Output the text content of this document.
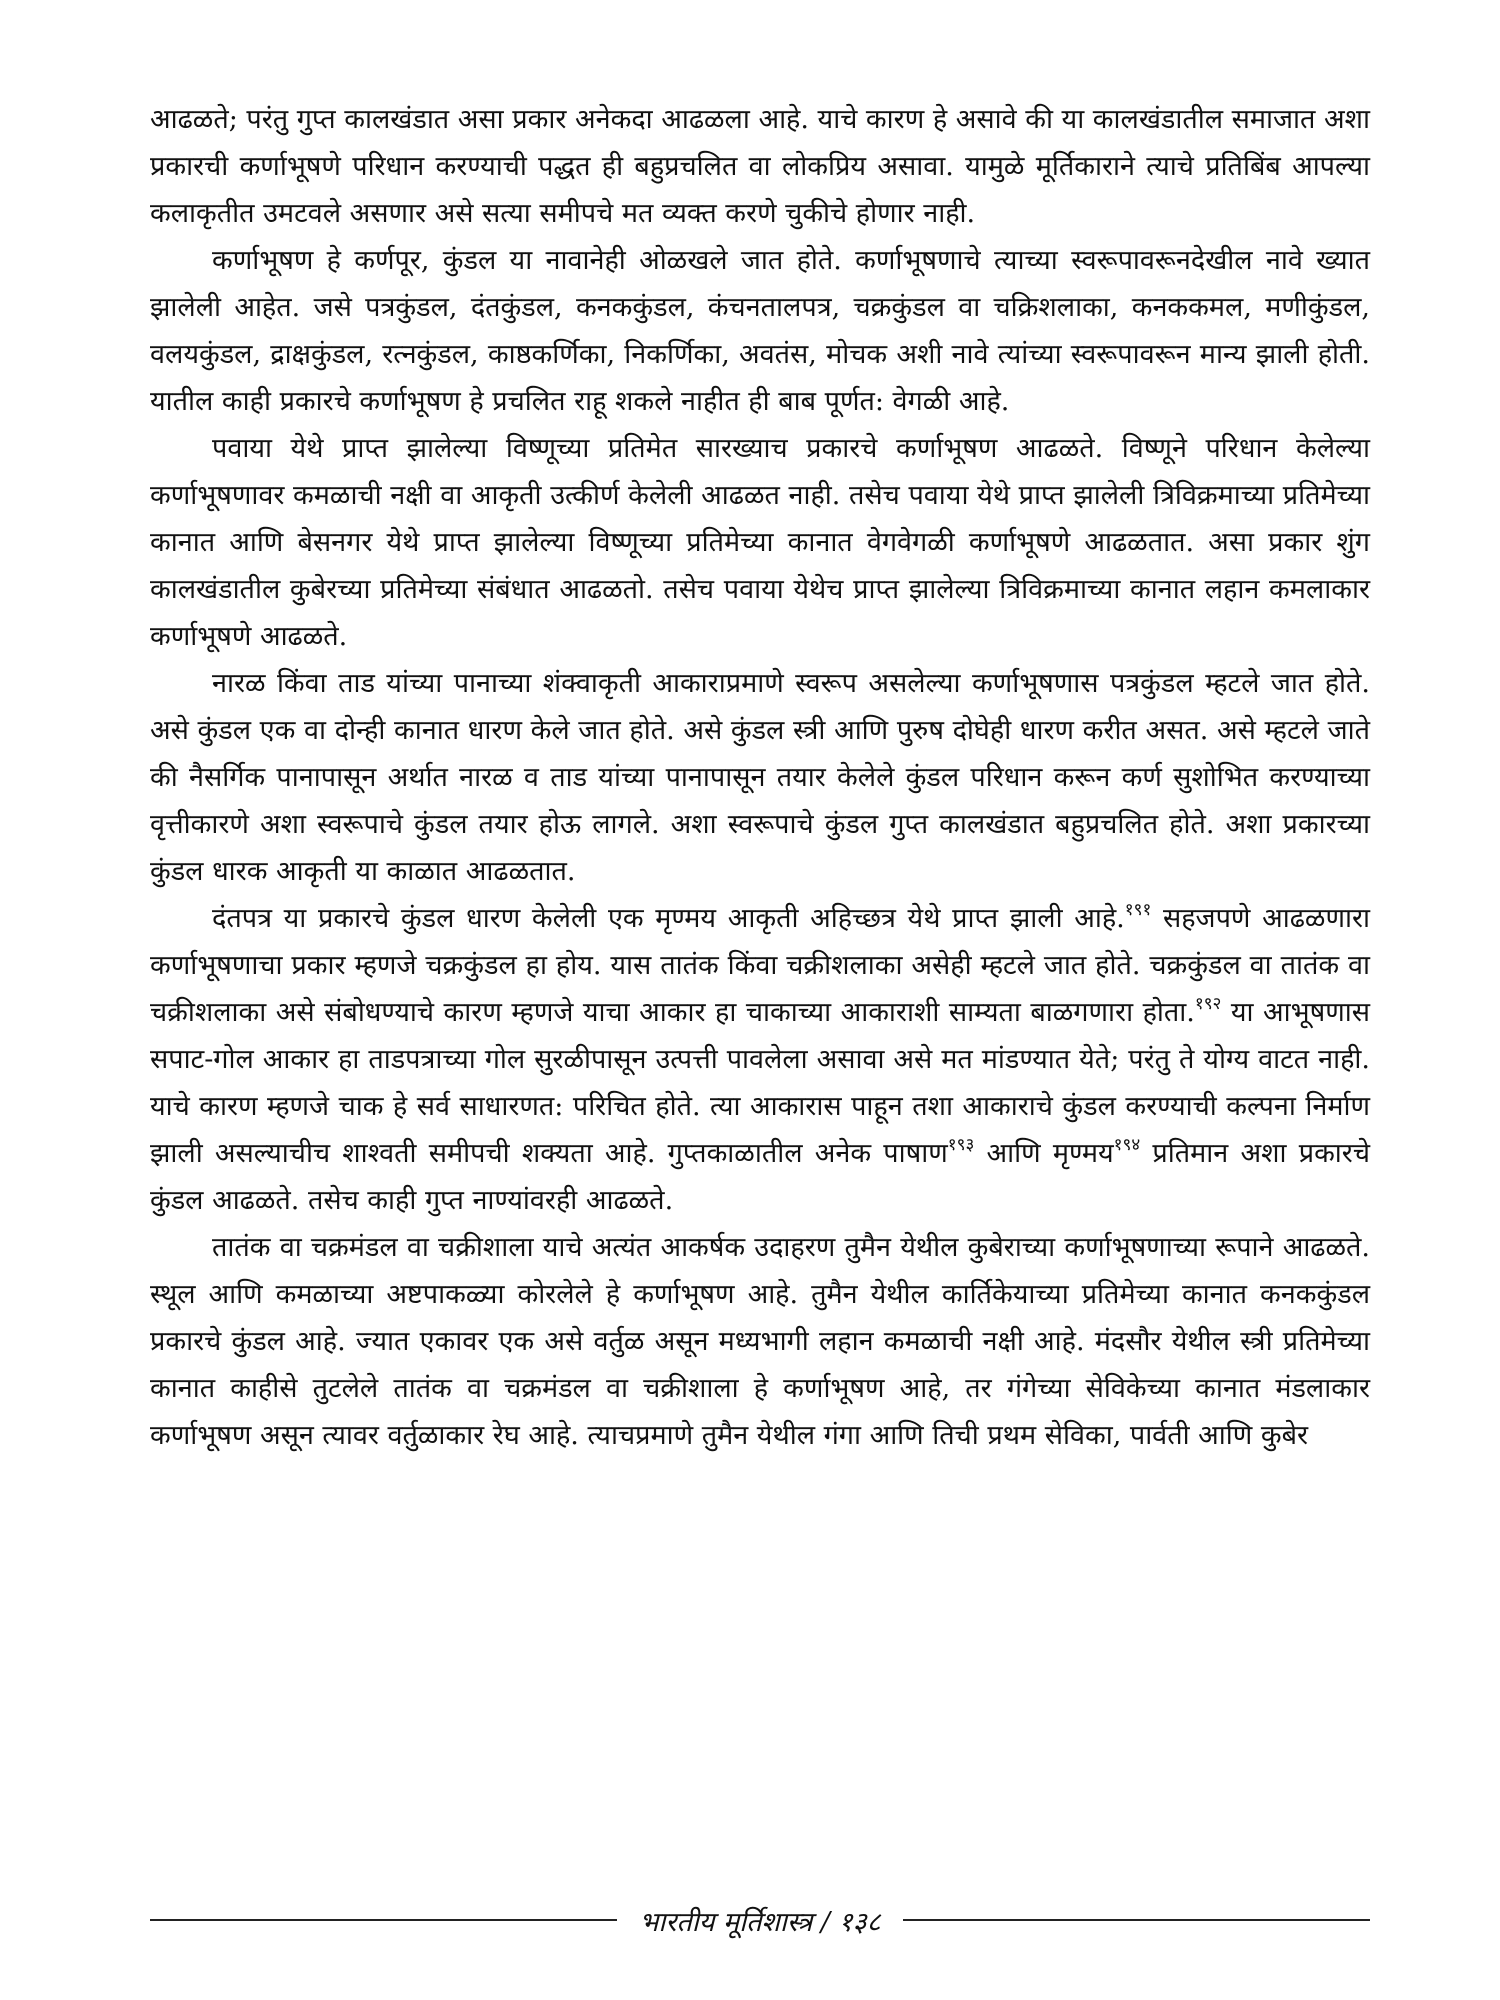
आढळते; परंतु गुप्त कालखंडात असा प्रकार अनेकदा आढळला आहे. याचे कारण हे असावे की या कालखंडातील समाजात अशा प्रकारची कर्णाभूषणे परिधान करण्याची पद्धत ही बहुप्रचलित वा लोकप्रिय असावा. यामुळे मूर्तिकाराने त्याचे प्रतिबिंब आपल्या कलाकृतीत उमटवले असणार असे सत्या समीपचे मत व्यक्त करणे चुकीचे होणार नाही.

कर्णाभूषण हे कर्णपूर, कुंडल या नावानेही ओळखले जात होते. कर्णाभूषणाचे त्याच्या स्वरूपावरूनदेखील नावे ख्यात झालेली आहेत. जसे पत्रकुंडल, दंतकुंडल, कनककुंडल, कंचनतालपत्र, चक्रकुंडल वा चक्रिशलाका, कनककमल, मणीकुंडल, वलयकुंडल, द्राक्षकुंडल, रत्नकुंडल, काष्ठकर्णिका, निकर्णिका, अवतंस, मोचक अशी नावे त्यांच्या स्वरूपावरून मान्य झाली होती. यातील काही प्रकारचे कर्णाभूषण हे प्रचलित राहू शकले नाहीत ही बाब पूर्णत: वेगळी आहे.

पवाया येथे प्राप्त झालेल्या विष्णूच्या प्रतिमेत सारख्याच प्रकारचे कर्णाभूषण आढळते. विष्णूने परिधान केलेल्या कर्णाभूषणावर कमळाची नक्षी वा आकृती उत्कीर्ण केलेली आढळत नाही. तसेच पवाया येथे प्राप्त झालेली त्रिविक्रमाच्या प्रतिमेच्या कानात आणि बेसनगर येथे प्राप्त झालेल्या विष्णूच्या प्रतिमेच्या कानात वेगवेगळी कर्णाभूषणे आढळतात. असा प्रकार शुंग कालखंडातील कुबेरच्या प्रतिमेच्या संबंधात आढळतो. तसेच पवाया येथेच प्राप्त झालेल्या त्रिविक्रमाच्या कानात लहान कमलाकार कर्णाभूषणे आढळते.

नारळ किंवा ताड यांच्या पानाच्या शंक्वाकृती आकाराप्रमाणे स्वरूप असलेल्या कर्णाभूषणास पत्रकुंडल म्हटले जात होते. असे कुंडल एक वा दोन्ही कानात धारण केले जात होते. असे कुंडल स्त्री आणि पुरुष दोघेही धारण करीत असत. असे म्हटले जाते की नैसर्गिक पानापासून अर्थात नारळ व ताड यांच्या पानापासून तयार केलेले कुंडल परिधान करून कर्ण सुशोभित करण्याच्या वृत्तीकारणे अशा स्वरूपाचे कुंडल तयार होऊ लागले. अशा स्वरूपाचे कुंडल गुप्त कालखंडात बहुप्रचलित होते. अशा प्रकारच्या कुंडल धारक आकृती या काळात आढळतात.

दंतपत्र या प्रकारचे कुंडल धारण केलेली एक मृण्मय आकृती अहिच्छत्र येथे प्राप्त झाली आहे.$^{१९१}$ सहजपणे आढळणारा कर्णाभूषणाचा प्रकार म्हणजे चक्रकुंडल हा होय. यास तातंक किंवा चक्रीशलाका असेही म्हटले जात होते. चक्रकुंडल वा तातंक वा चक्रीशलाका असे संबोधण्याचे कारण म्हणजे याचा आकार हा चाकाच्या आकाराशी साम्यता बाळगणारा होता.$^{१९२}$ या आभूषणास सपाट-गोल आकार हा ताडपत्राच्या गोल सुरळीपासून उत्पत्ती पावलेला असावा असे मत मांडण्यात येते; परंतु ते योग्य वाटत नाही. याचे कारण म्हणजे चाक हे सर्व साधारणत: परिचित होते. त्या आकारास पाहून तशा आकाराचे कुंडल करण्याची कल्पना निर्माण झाली असल्याचीच शाश्वती समीपची शक्यता आहे. गुप्तकाळातील अनेक पाषाण$^{१९३}$ आणि मृण्मय$^{१९४}$ प्रतिमान अशा प्रकारचे कुंडल आढळते. तसेच काही गुप्त नाण्यांवरही आढळते.

तातंक वा चक्रमंडल वा चक्रीशाला याचे अत्यंत आकर्षक उदाहरण तुमैन येथील कुबेराच्या कर्णाभूषणाच्या रूपाने आढळते. स्थूल आणि कमळाच्या अष्टपाकळ्या कोरलेले हे कर्णाभूषण आहे. तुमैन येथील कार्तिकेयाच्या प्रतिमेच्या कानात कनककुंडल प्रकारचे कुंडल आहे. ज्यात एकावर एक असे वर्तुळ असून मध्यभागी लहान कमळाची नक्षी आहे. मंदसौर येथील स्त्री प्रतिमेच्या कानात काहीसे तुटलेले तातंक वा चक्रमंडल वा चक्रीशाला हे कर्णाभूषण आहे, तर गंगेच्या सेविकेच्या कानात मंडलाकार कर्णाभूषण असून त्यावर वर्तुळाकार रेघ आहे. त्याचप्रमाणे तुमैन येथील गंगा आणि तिची प्रथम सेविका, पार्वती आणि कुबेर

भारतीय मूर्तिशास्त्र / १३८
